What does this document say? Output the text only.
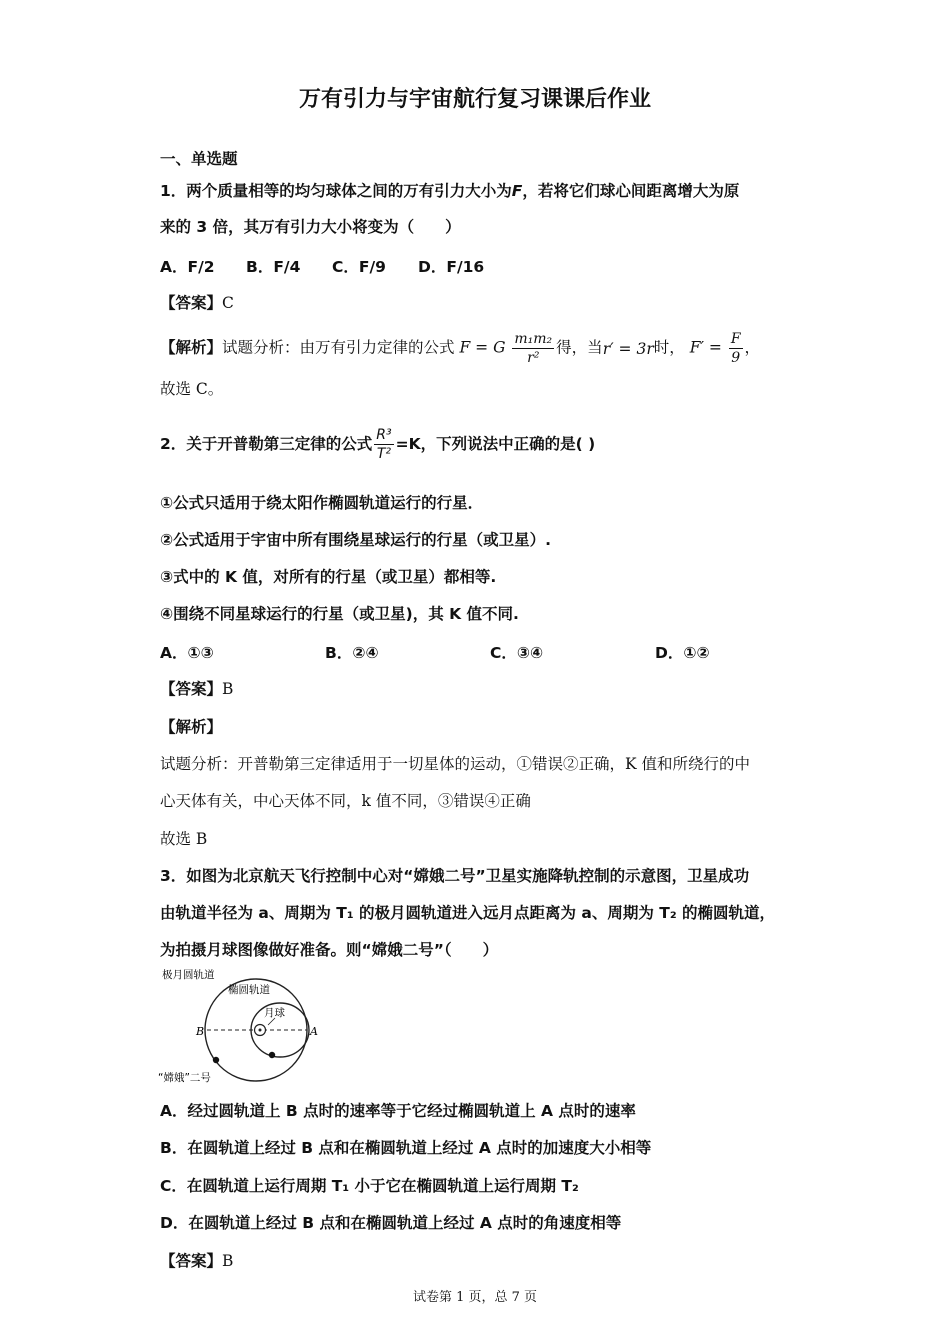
万有引力与宇宙航行复习课课后作业
一、单选题
1．两个质量相等的均匀球体之间的万有引力大小为F，若将它们球心间距离增大为原
来的 3 倍，其万有引力大小将变为（　　）
A．F/2 B．F/4 C．F/9 D．F/16
【答案】C
【解析】试题分析：由万有引力定律的公式 F = G $\frac{\text{m₁m₂}}{\text{r²}}$ 得，当r′ = 3r时， $F' = \frac{F}{9}$ ，
故选 C。
2．关于开普勒第三定律的公式 $\frac{\text{R³}}{\text{T²}} =K$，下列说法中正确的是( )
①公式只适用于绕太阳作椭圆轨道运行的行星．
②公式适用于宇宙中所有围绕星球运行的行星（或卫星）.
③式中的 K 值，对所有的行星（或卫星）都相等.
④围绕不同星球运行的行星（或卫星)，其 K 值不同.
A．①③	B．②④	C．③④	D．①②
【答案】B
【解析】
试题分析：开普勒第三定律适用于一切星体的运动，①错误②正确，K 值和所绕行的中
心天体有关，中心天体不同，k 值不同，③错误④正确
故选 B
3．如图为北京航天飞行控制中心对“嫦娥二号”卫星实施降轨控制的示意图，卫星成功
由轨道半径为 a、周期为 T₁ 的极月圆轨道进入远月点距离为 a、周期为 T₂ 的椭圆轨道，
为拍摄月球图像做好准备。则“嫦娥二号”（　　）
极月圆轨道
椭圆轨道
月球
B	A
“嫦娥”二号
A．经过圆轨道上 B 点时的速率等于它经过椭圆轨道上 A 点时的速率
B．在圆轨道上经过 B 点和在椭圆轨道上经过 A 点时的加速度大小相等
C．在圆轨道上运行周期 T₁ 小于它在椭圆轨道上运行周期 T₂
D．在圆轨道上经过 B 点和在椭圆轨道上经过 A 点时的角速度相等
【答案】B
试卷第 1 页，总 7 页
